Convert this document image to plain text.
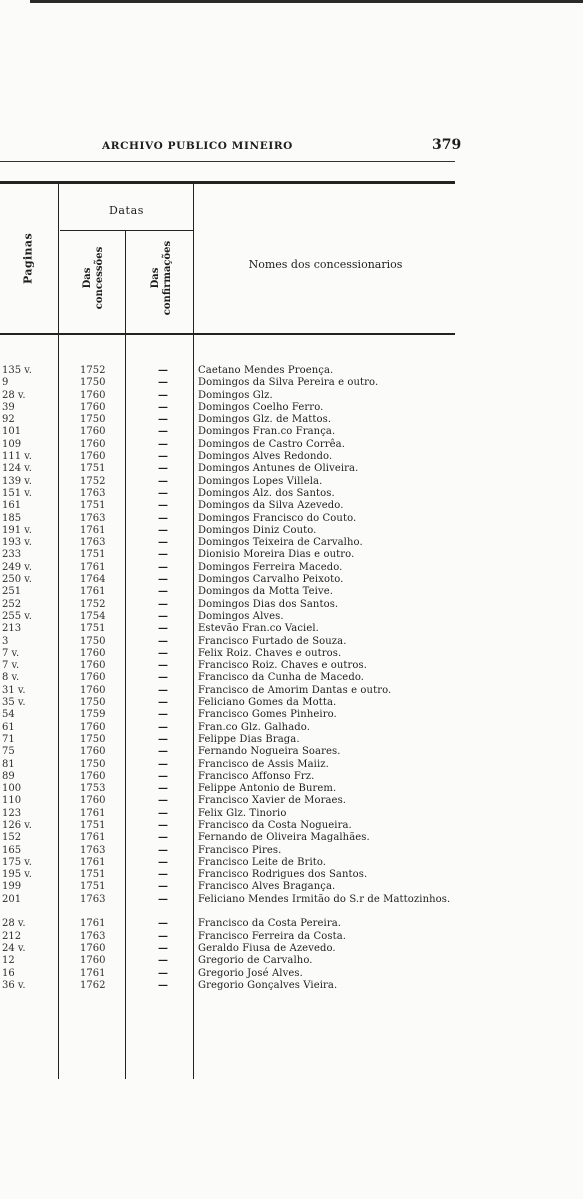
ARCHIVO PUBLICO MINEIRO	379
Datas
Paginas	Das concessões	Das confirmações	Nomes dos concessionarios
135 v.	1752	—	Caetano Mendes Proença.
9	1750	—	Domingos da Silva Pereira e outro.
28 v.	1760	—	Domingos Glz.
39	1760	—	Domingos Coelho Ferro.
92	1750	—	Domingos Glz. de Mattos.
101	1760	—	Domingos Fran.co França.
109	1760	—	Domingos de Castro Corrêa.
111 v.	1760	—	Domingos Alves Redondo.
124 v.	1751	—	Domingos Antunes de Oliveira.
139 v.	1752	—	Domingos Lopes Villela.
151 v.	1763	—	Domingos Alz. dos Santos.
161	1751	—	Domingos da Silva Azevedo.
185	1763	—	Domingos Francisco do Couto.
191 v.	1761	—	Domingos Diniz Couto.
193 v.	1763	—	Domingos Teixeira de Carvalho.
233	1751	—	Dionisio Moreira Dias e outro.
249 v.	1761	—	Domingos Ferreira Macedo.
250 v.	1764	—	Domingos Carvalho Peixoto.
251	1761	—	Domingos da Motta Teive.
252	1752	—	Domingos Dias dos Santos.
255 v.	1754	—	Domingos Alves.
213	1751	—	Estevão Fran.co Vaciel.
3	1750	—	Francisco Furtado de Souza.
7 v.	1760	—	Felix Roiz. Chaves e outros.
7 v.	1760	—	Francisco Roiz. Chaves e outros.
8 v.	1760	—	Francisco da Cunha de Macedo.
31 v.	1760	—	Francisco de Amorim Dantas e outro.
35 v.	1750	—	Feliciano Gomes da Motta.
54	1759	—	Francisco Gomes Pinheiro.
61	1760	—	Fran.co Glz. Galhado.
71	1750	—	Felippe Dias Braga.
75	1760	—	Fernando Nogueira Soares.
81	1750	—	Francisco de Assis Maiiz.
89	1760	—	Francisco Affonso Frz.
100	1753	—	Felippe Antonio de Burem.
110	1760	—	Francisco Xavier de Moraes.
123	1761	—	Felix Glz. Tinorio
126 v.	1751	—	Francisco da Costa Nogueira.
152	1761	—	Fernando de Oliveira Magalhães.
165	1763	—	Francisco Pires.
175 v.	1761	—	Francisco Leite de Brito.
195 v.	1751	—	Francisco Rodrigues dos Santos.
199	1751	—	Francisco Alves Bragança.
201	1763	—	Feliciano Mendes Irmitão do S.r de Mattozinhos.
28 v.	1761	—	Francisco da Costa Pereira.
212	1763	—	Francisco Ferreira da Costa.
24 v.	1760	—	Geraldo Fiusa de Azevedo.
12	1760	—	Gregorio de Carvalho.
16	1761	—	Gregorio José Alves.
36 v.	1762	—	Gregorio Gonçalves Vieira.
